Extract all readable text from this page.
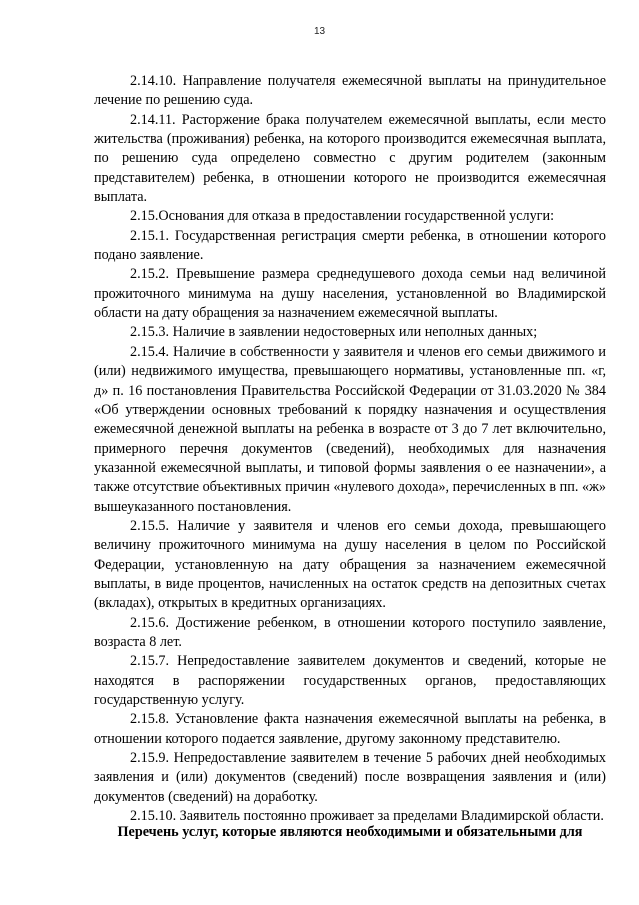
13

2.14.10. Направление получателя ежемесячной выплаты на принудительное лечение по решению суда.

2.14.11. Расторжение брака получателем ежемесячной выплаты, если место жительства (проживания) ребенка, на которого производится ежемесячная выплата, по решению суда определено совместно с другим родителем (законным представителем) ребенка, в отношении которого не производится ежемесячная выплата.

2.15.Основания для отказа в предоставлении государственной услуги:

2.15.1. Государственная регистрация смерти ребенка, в отношении которого подано заявление.

2.15.2. Превышение размера среднедушевого дохода семьи над величиной прожиточного минимума на душу населения, установленной во Владимирской области на дату обращения за назначением ежемесячной выплаты.

2.15.3. Наличие в заявлении недостоверных или неполных данных;

2.15.4. Наличие в собственности у заявителя и членов его семьи движимого и (или) недвижимого имущества, превышающего нормативы, установленные пп. «г, д» п. 16 постановления Правительства Российской Федерации от 31.03.2020 № 384 «Об утверждении основных требований к порядку назначения и осуществления ежемесячной денежной выплаты на ребенка в возрасте от 3 до 7 лет включительно, примерного перечня документов (сведений), необходимых для назначения указанной ежемесячной выплаты, и типовой формы заявления о ее назначении», а также отсутствие объективных причин «нулевого дохода», перечисленных в пп. «ж» вышеуказанного постановления.

2.15.5. Наличие у заявителя и членов его семьи дохода, превышающего величину прожиточного минимума на душу населения в целом по Российской Федерации, установленную на дату обращения за назначением ежемесячной выплаты, в виде процентов, начисленных на остаток средств на депозитных счетах (вкладах), открытых в кредитных организациях.

2.15.6. Достижение ребенком, в отношении которого поступило заявление, возраста 8 лет.

2.15.7. Непредоставление заявителем документов и сведений, которые не находятся в распоряжении государственных органов, предоставляющих государственную услугу.

2.15.8. Установление факта назначения ежемесячной выплаты на ребенка, в отношении которого подается заявление, другому законному представителю.

2.15.9. Непредоставление заявителем в течение 5 рабочих дней необходимых заявления и (или) документов (сведений) после возвращения заявления и (или) документов (сведений) на доработку.

2.15.10. Заявитель постоянно проживает за пределами Владимирской области.

Перечень услуг, которые являются необходимыми и обязательными для
